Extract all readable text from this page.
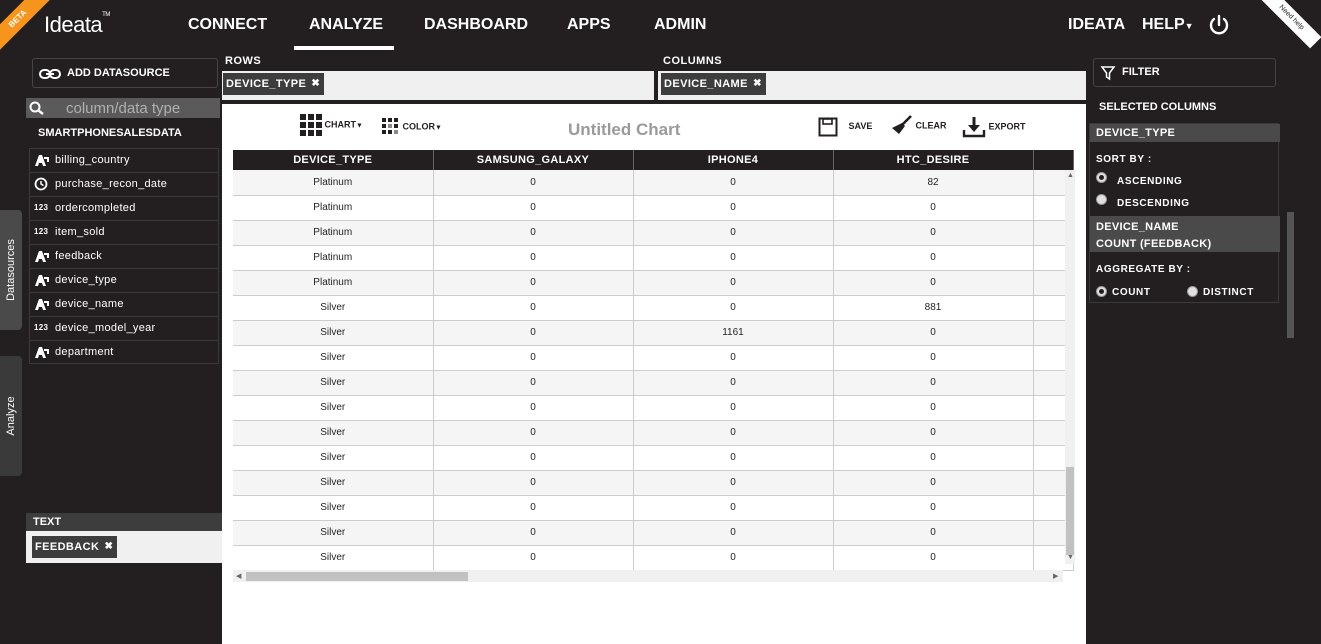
BETA Ideata™
CONNECT	ANALYZE	DASHBOARD APPS	ADMIN	IDEATA HELP▼	Need help
Datasources
Analyze
ADD DATASOURCE
column/data type
SMARTPHONESALESDATA
billing_country
purchase_recon_date
123 ordercompleted
123 item_sold
feedback
device_type
device_name
123 device_model_year
department
TEXT
FEEDBACK ✖
ROWS
DEVICE_TYPE ✖
COLUMNS
DEVICE_NAME ✖
CHART▼	COLOR▼	Untitled Chart	SAVE	CLEAR	EXPORT
DEVICE_TYPE	SAMSUNG_GALAXY	IPHONE4	HTC_DESIRE	
Platinum	0	0	82	
Platinum	0	0	0	
Platinum	0	0	0	
Platinum	0	0	0	
Platinum	0	0	0	
Silver	0	0	881	
Silver	0	1161	0	
Silver	0	0	0	
Silver	0	0	0	
Silver	0	0	0	
Silver	0	0	0	
Silver	0	0	0	
Silver	0	0	0	
Silver	0	0	0	
Silver	0	0	0	
Silver	0	0	0	
▲
▼
◀	▶
FILTER
SELECTED COLUMNS
DEVICE_TYPE
SORT BY :
ASCENDING
DESCENDING
DEVICE_NAME
COUNT (FEEDBACK)
AGGREGATE BY :
COUNT	DISTINCT
